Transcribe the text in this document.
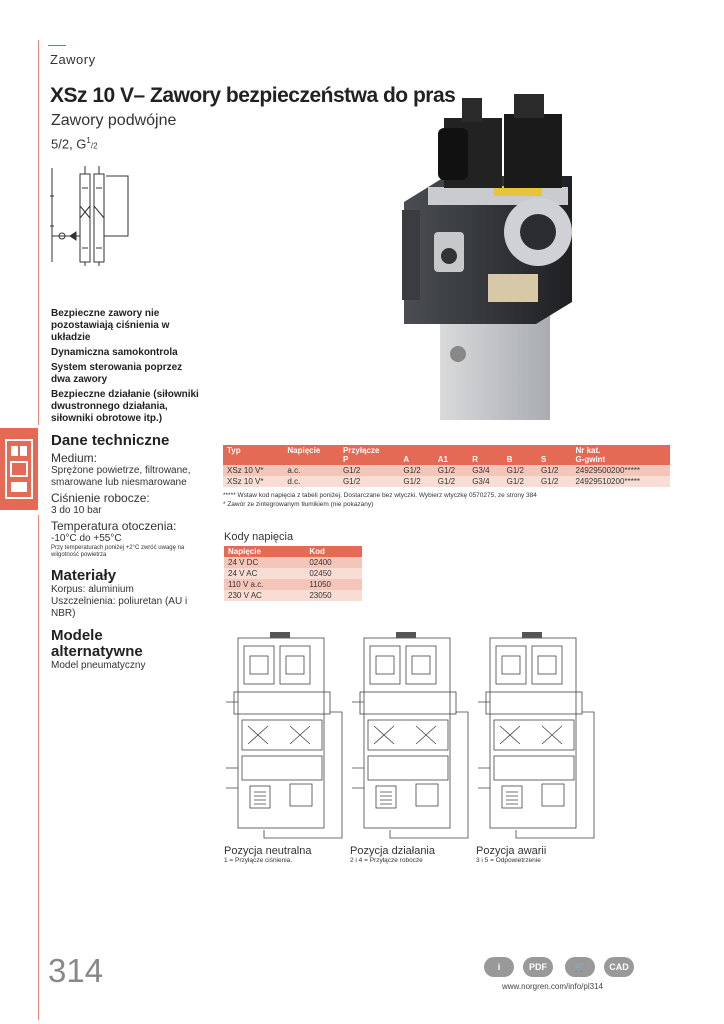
Zawory
XSz 10 V– Zawory bezpieczeństwa do pras
Zawory podwójne
5/2, $G^1/2$
Bezpieczne zawory nie pozostawiają ciśnienia w układzie
Dynamiczna samokontrola
System sterowania poprzez dwa zawory
Bezpieczne działanie (siłowniki dwustronnego działania, siłowniki obrotowe itp.)
Dane techniczne
Medium:
Sprężone powietrze, filtrowane, smarowane lub niesmarowane
Ciśnienie robocze:
3 do 10 bar
Temperatura otoczenia:
-10°C do +55°C
Przy temperaturach poniżej +2°C zwróć uwagę na wilgotność powietrza
Materiały
Korpus: aluminium
Uszczelnienia: poliuretan (AU i NBR)
Modele
alternatywne
Model pneumatyczny
Typ	Napięcie	Przyłącze
P	A	A1	R	B	S	Nr kat.
G-gwint
XSz 10 V*	a.c.	G1/2	G1/2	G1/2	G3/4	G1/2	G1/2	24929500200*****
XSz 10 V*	d.c.	G1/2	G1/2	G1/2	G3/4	G1/2	G1/2	24929510200*****
***** Wstaw kod napięcia z tabeli poniżej. Dostarczane bez wtyczki. Wybierz wtyczkę 0570275, ze strony 384
* Zawór ze zintegrowanym tłumikiem (nie pokazany)
Kody napięcia
Napięcie	Kod
24 V DC	02400
24 V AC	02450
110 V a.c.	11050
230 V AC	23050
Pozycja neutralna
1 = Przyłącze ciśnienia.
Pozycja działania
2 i 4 = Przyłącze robocze
Pozycja awarii
3 i 5 = Odpowietrzenie
314	i	PDF	🛒	CAD
www.norgren.com/info/pl314
